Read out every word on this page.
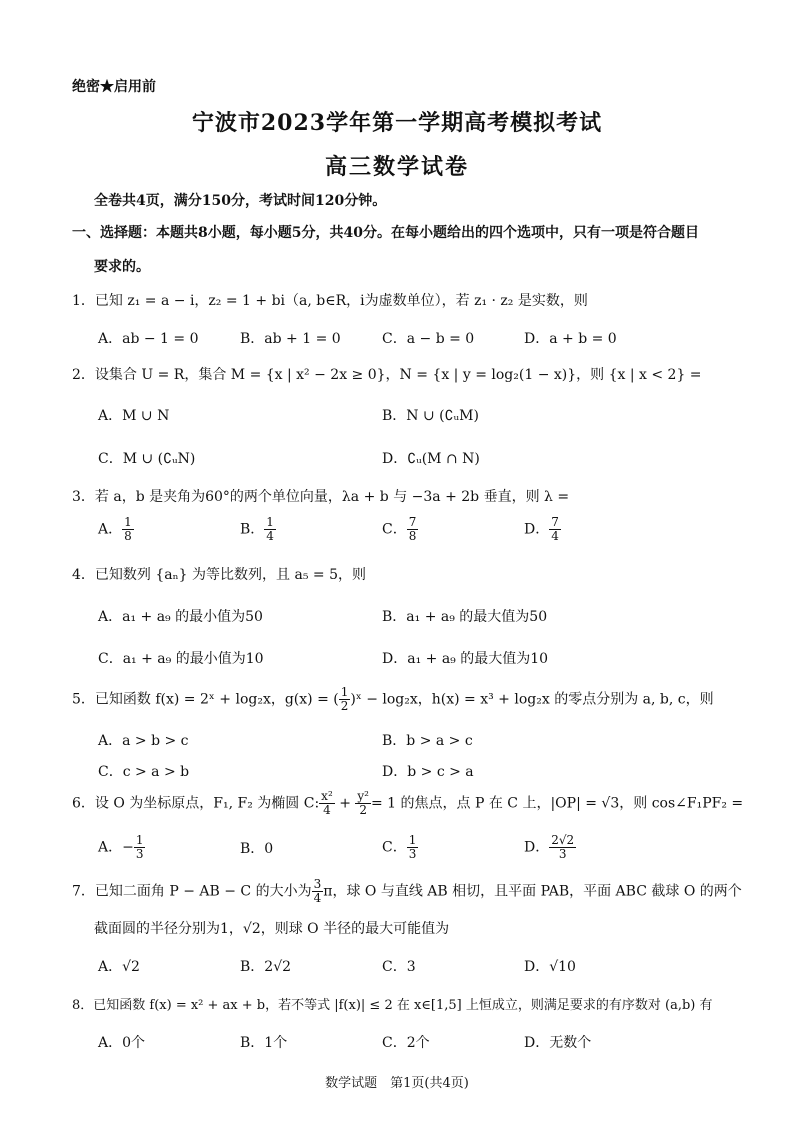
绝密★启用前
宁波市2023学年第一学期高考模拟考试
高三数学试卷
全卷共4页，满分150分，考试时间120分钟。
一、选择题：本题共8小题，每小题5分，共40分。在每小题给出的四个选项中，只有一项是符合题目
要求的。
1．已知 z₁ = a − i，z₂ = 1 + bi（a, b∈R，i为虚数单位），若 z₁ · z₂ 是实数，则
A．ab − 1 = 0	B．ab + 1 = 0	C．a − b = 0	D．a + b = 0
2．设集合 U = R，集合 M = {x | x² − 2x ≥ 0}，N = {x | y = log₂(1 − x)}，则 {x | x < 2} =
A．M ∪ N	B．N ∪ (∁ᵤM)
C．M ∪ (∁ᵤN)	D．∁ᵤ(M ∩ N)
3．若 a，b 是夹角为60°的两个单位向量，λa + b 与 −3a + 2b 垂直，则 λ =
A． $\frac{1}{8}$	B． $\frac{1}{4}$	C． $\frac{7}{8}$	D． $\frac{7}{4}$
4．已知数列 {aₙ} 为等比数列，且 a₅ = 5，则
A．a₁ + a₉ 的最小值为50	B．a₁ + a₉ 的最大值为50
C．a₁ + a₉ 的最小值为10	D．a₁ + a₉ 的最大值为10
5．已知函数 f(x) = 2ˣ + log₂x，g(x) = ( $\frac{1}{2}$ )ˣ − log₂x，h(x) = x³ + log₂x 的零点分别为 a, b, c，则
A．a > b > c	B．b > a > c
C．c > a > b	D．b > c > a
6．设 O 为坐标原点，F₁, F₂ 为椭圆 C: $\frac{\text{x²}}{4} + \frac{\text{y²}}{2} = 1$ 的焦点，点 P 在 C 上，|OP| = √3，则 cos∠F₁PF₂ =
A．− $\frac{1}{3}$	B．0	C． $\frac{1}{3}$	D． $\frac{2√2}{3}$
7．已知二面角 P − AB − C 的大小为 $\frac{3}{4}$ π，球 O 与直线 AB 相切，且平面 PAB，平面 ABC 截球 O 的两个
截面圆的半径分别为1，√2，则球 O 半径的最大可能值为
A．√2	B．2√2	C．3	D．√10
8．已知函数 f(x) = x² + ax + b，若不等式 |f(x)| ≤ 2 在 x∈[1,5] 上恒成立，则满足要求的有序数对 (a,b) 有
A．0个	B．1个	C．2个	D．无数个
数学试题　第1页(共4页)
